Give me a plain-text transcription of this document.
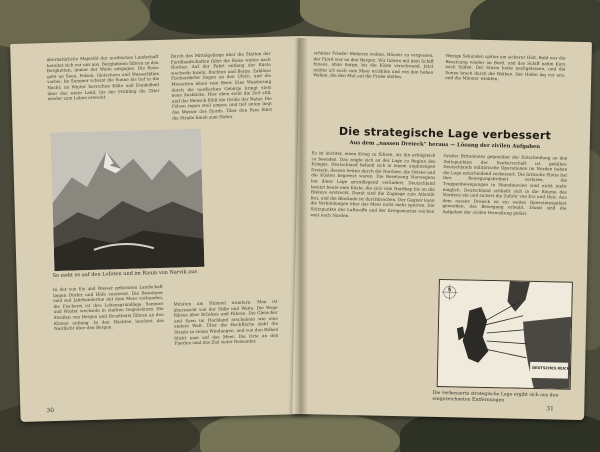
übernatürliche Majestät der nordischen Landschaft bereitet sich vor uns aus. Bergbahnen führen zu den Bergketten, immer der Weite entgegen. Die Reise geht an Seen, Felsen, Gletschern und Wasserfällen vorbei. Im Sommer scheint die Sonne bis tief in die Nacht; im Winter herrschen Kälte und Dunkelheit über das weite Land, bis der Frühling die Täler wieder zum Leben erweckt.

Durch das Mittelgebirge über die Stätten der Fjordlandschaften führt die Reise weiter nach Norden. Auf der Fahrt entlang der Küste wechseln Inseln, Buchten und Berge. Zahllose Fischerdörfer liegen an den Ufern, und die Menschen leben vom Meer. Eine Wanderung durch die nordischen Gebirge bringt stets neue Ausblicke. Hier oben steht die Zeit still, und der Mensch fühlt die Größe der Natur. Die Felsen ragen steil empor, und tief unten liegt das Wasser des Fjords. Über den Pass führt die Straße hinab zum Hafen.

So sieht es auf den Lofoten und im Raum von Narvik aus

In der von Eis und Wasser geformten Landschaft liegen Dörfer und Höfe verstreut. Die Bewohner sind seit Jahrhunderten mit dem Meer verbunden, die Fischerei ist ihre Lebensgrundlage. Sommer und Winter wechseln in starken Gegensätzen. Die Straßen von Bergen und Drontheim führen an den Küsten entlang. In den Nächten leuchtet das Nordlicht über den Bergen.

Minuten am Himmel wandern. Man ist überrascht von der Stille und Weite. Die Wege führen über Brücken und Fähren. Die Gletscher und Seen im Hochland erscheinen wie eine andere Welt. Über die Hochfläche zieht die Straße in vielen Windungen, und von den Höhen blickt man auf das Meer. Die Orte an den Fjorden sind das Ziel vieler Reisender.

30

schöner Friede! Mehrere wollen, Häuser zu vergessen, der Fjord war an den Bergen. Wir fuhren mit dem Schiff hinaus, ohne Sorge, bis die Küste verschwand. Jetzt müßte ich euch vom Meer erzählen und von den hohen Wellen, die den Mut auf die Probe stellen.

Wenige Sekunden später ein sicherer Halt. Bald war die Besatzung wieder an Bord, und das Schiff nahm Kurs nach Süden. Der Sturm hatte nachgelassen, und die Sonne brach durch die Wolken. Der Hafen lag vor uns, und die Männer winkten.

Die strategische Lage verbessert
Aus dem „nassen Dreieck“ heraus — Lösung der zivilen Aufgaben

Es ist leichter, einen Krieg zu führen, als ihn erfolgreich zu beenden. Das zeigte sich an der Lage zu Beginn des Krieges. Deutschland befand sich in einem ungünstigen Dreieck, dessen Seiten durch die Nordsee, die Ostsee und die Küsten begrenzt waren. Die Besetzung Norwegens hat diese Lage grundlegend verändert. Deutschland besitzt heute eine Küste, die sich vom Nordkap bis an die Biskaya erstreckt. Damit sind die Zugänge zum Atlantik frei, und die Blockade ist durchbrochen. Der Gegner kann die Verbindungen über das Meer nicht mehr sperren. Die Stützpunkte der Luftwaffe und der Kriegsmarine reichen weit nach Norden.

Großer Britanniens gegenüber der Entscheidung an den Stützpunkten der Seeherrschaft ist gefallen. Deutschlands militärische Operationen im Norden haben die Lage entscheidend verbessert. Die britische Flotte hat ihre Bewegungsfreiheit verloren, die Truppenbewegungen in Skandinavien sind nicht mehr möglich. Deutschland schließt sich in die Räume des Nordens ein und sichert die Zufuhr von Erz und Holz. Aus dem nassen Dreieck ist ein weites Operationsgebiet geworden, das Bewegung erlaubt. Damit sind die Aufgaben der zivilen Verwaltung gelöst.

N
DEUTSCHES REICH
Die verbesserte strategische Lage ergibt sich aus den eingezeichneten Entfernungen
31
